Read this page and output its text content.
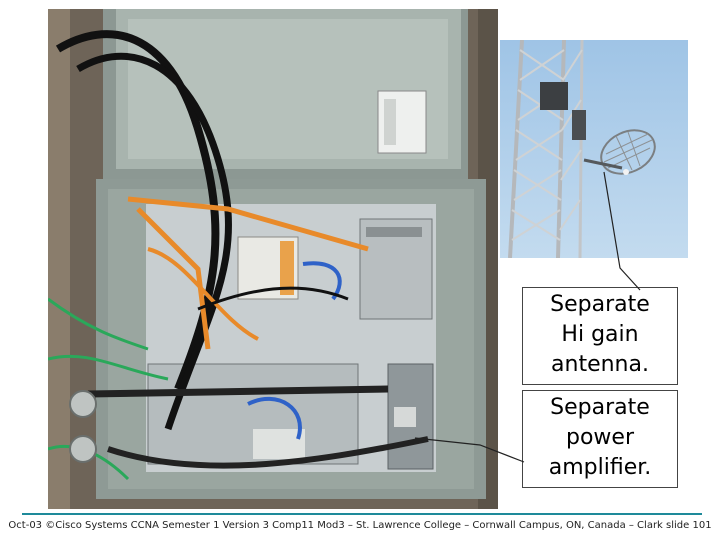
Separate
Hi gain
antenna.
Separate
power
amplifier.
Oct-03 ©Cisco Systems CCNA Semester 1 Version 3 Comp11 Mod3 – St. Lawrence College – Cornwall Campus, ON, Canada – Clark slide 101
